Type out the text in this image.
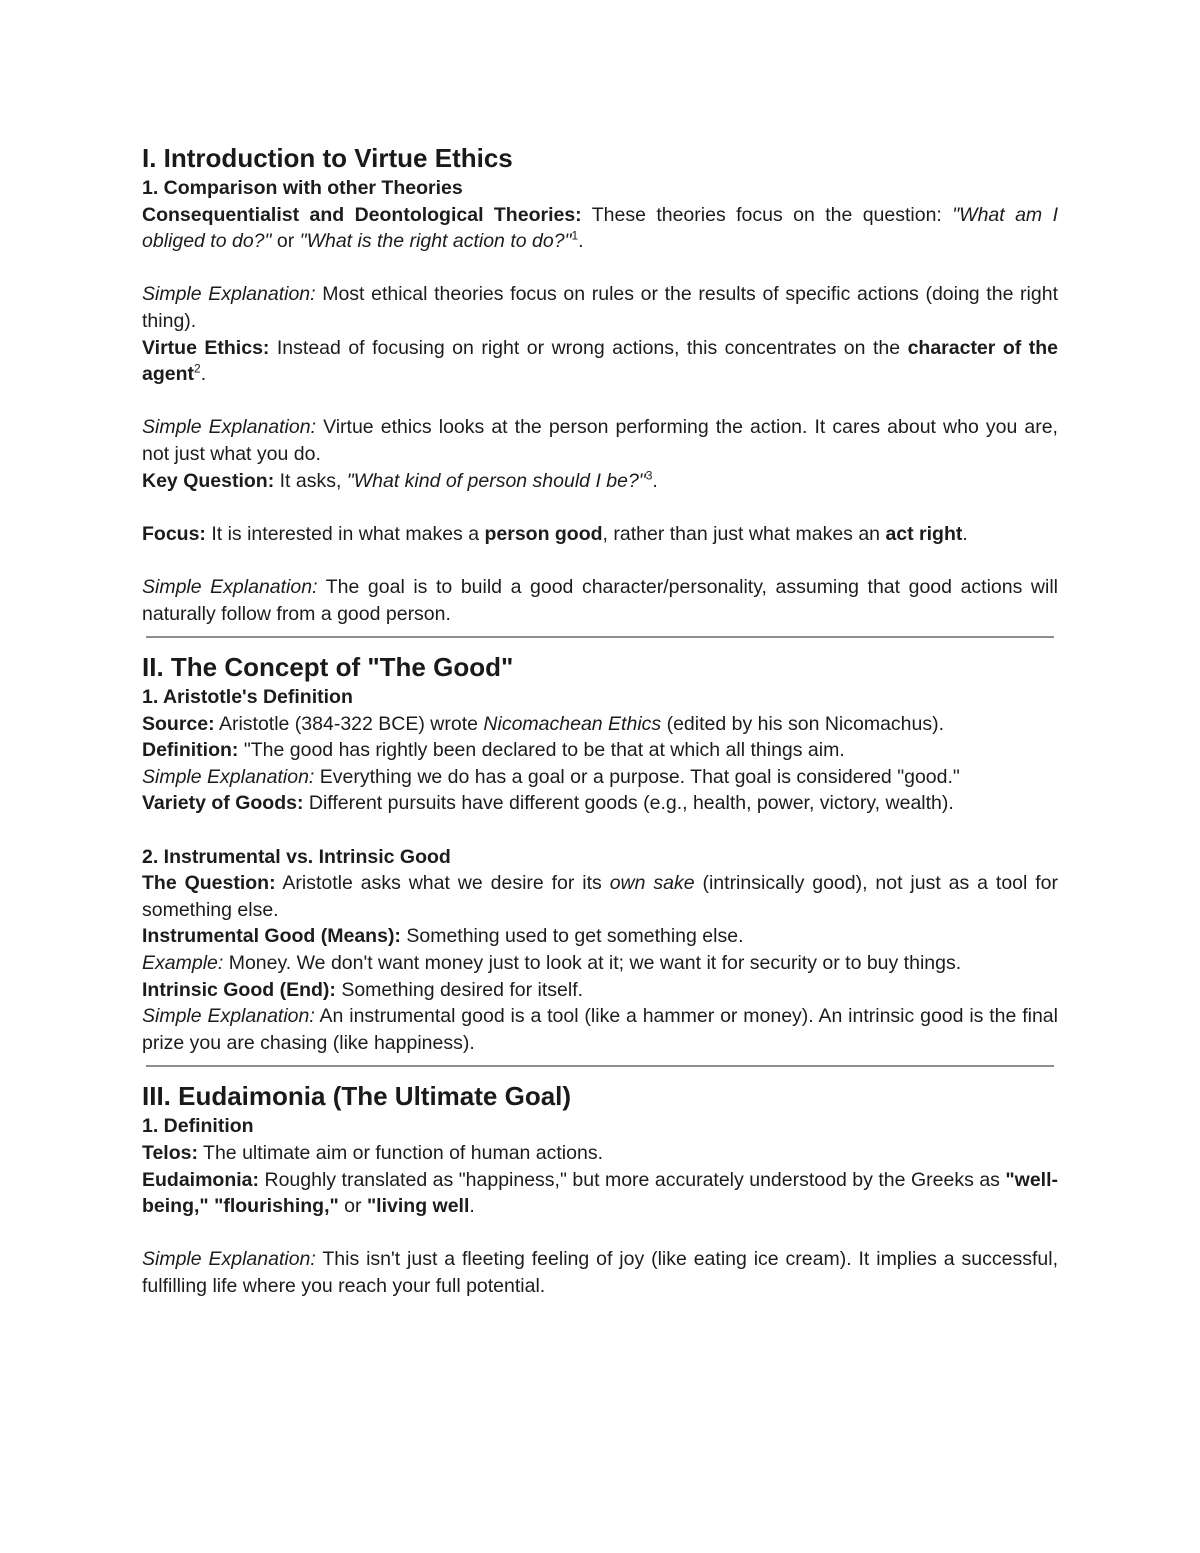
I. Introduction to Virtue Ethics
1. Comparison with other Theories

Consequentialist and Deontological Theories: These theories focus on the question: "What am I obliged to do?" or "What is the right action to do?"$^1$.

Simple Explanation: Most ethical theories focus on rules or the results of specific actions (doing the right thing).

Virtue Ethics: Instead of focusing on right or wrong actions, this concentrates on the character of the agent$^2$.

Simple Explanation: Virtue ethics looks at the person performing the action. It cares about who you are, not just what you do.

Key Question: It asks, "What kind of person should I be?"$^3$.

Focus: It is interested in what makes a person good, rather than just what makes an act right.

Simple Explanation: The goal is to build a good character/personality, assuming that good actions will naturally follow from a good person.

II. The Concept of "The Good"
1. Aristotle's Definition

Source: Aristotle (384-322 BCE) wrote Nicomachean Ethics (edited by his son Nicomachus).

Definition: "The good has rightly been declared to be that at which all things aim.

Simple Explanation: Everything we do has a goal or a purpose. That goal is considered "good."

Variety of Goods: Different pursuits have different goods (e.g., health, power, victory, wealth).

2. Instrumental vs. Intrinsic Good

The Question: Aristotle asks what we desire for its own sake (intrinsically good), not just as a tool for something else.

Instrumental Good (Means): Something used to get something else.

Example: Money. We don't want money just to look at it; we want it for security or to buy things.

Intrinsic Good (End): Something desired for itself.

Simple Explanation: An instrumental good is a tool (like a hammer or money). An intrinsic good is the final prize you are chasing (like happiness).

III. Eudaimonia (The Ultimate Goal)
1. Definition

Telos: The ultimate aim or function of human actions.

Eudaimonia: Roughly translated as "happiness," but more accurately understood by the Greeks as "well-being," "flourishing," or "living well.

Simple Explanation: This isn't just a fleeting feeling of joy (like eating ice cream). It implies a successful, fulfilling life where you reach your full potential.
